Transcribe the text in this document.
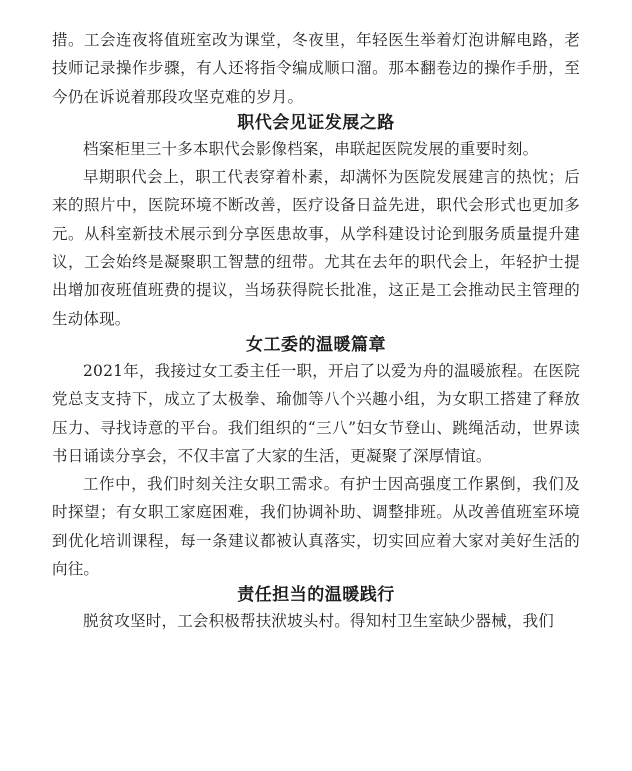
措。工会连夜将值班室改为课堂，冬夜里，年轻医生举着灯泡讲解电路，老技师记录操作步骤，有人还将指令编成顺口溜。那本翻卷边的操作手册，至今仍在诉说着那段攻坚克难的岁月。

职代会见证发展之路

档案柜里三十多本职代会影像档案，串联起医院发展的重要时刻。

早期职代会上，职工代表穿着朴素，却满怀为医院发展建言的热忱；后来的照片中，医院环境不断改善，医疗设备日益先进，职代会形式也更加多元。从科室新技术展示到分享医患故事，从学科建设讨论到服务质量提升建议，工会始终是凝聚职工智慧的纽带。尤其在去年的职代会上，年轻护士提出增加夜班值班费的提议，当场获得院长批准，这正是工会推动民主管理的生动体现。

女工委的温暖篇章

2021年，我接过女工委主任一职，开启了以爱为舟的温暖旅程。在医院党总支支持下，成立了太极拳、瑜伽等八个兴趣小组，为女职工搭建了释放压力、寻找诗意的平台。我们组织的“三八”妇女节登山、跳绳活动，世界读书日诵读分享会，不仅丰富了大家的生活，更凝聚了深厚情谊。

工作中，我们时刻关注女职工需求。有护士因高强度工作累倒，我们及时探望；有女职工家庭困难，我们协调补助、调整排班。从改善值班室环境到优化培训课程，每一条建议都被认真落实，切实回应着大家对美好生活的向往。

责任担当的温暖践行

脱贫攻坚时，工会积极帮扶洑坡头村。得知村卫生室缺少器械，我们
